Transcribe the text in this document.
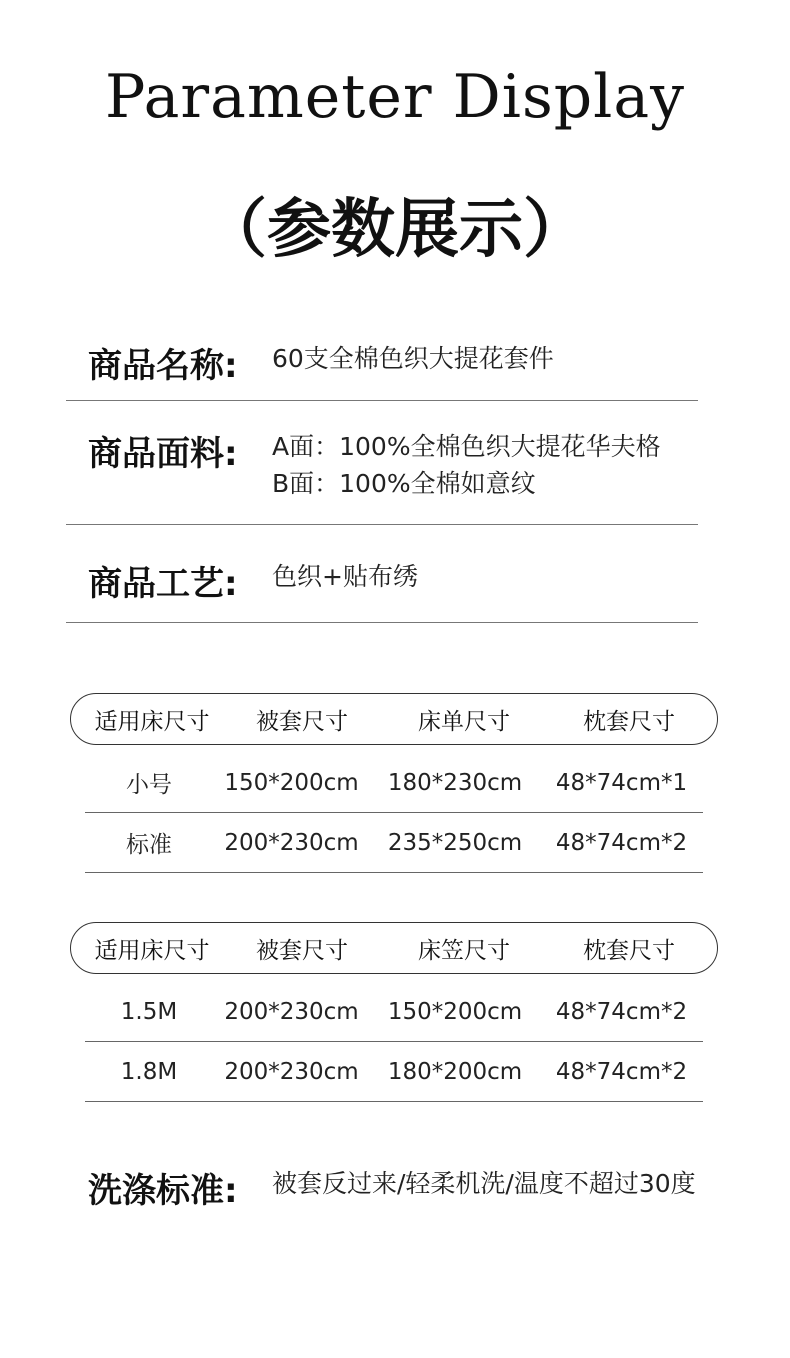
Parameter Display
（参数展示）
商品名称:	60支全棉色织大提花套件
商品面料:	A面：100%全棉色织大提花华夫格
B面：100%全棉如意纹
商品工艺:	色织+贴布绣
适用床尺寸	被套尺寸	床单尺寸	枕套尺寸
小号	150*200cm	180*230cm	48*74cm*1
标准	200*230cm	235*250cm	48*74cm*2
适用床尺寸	被套尺寸	床笠尺寸	枕套尺寸
1.5M	200*230cm	150*200cm	48*74cm*2
1.8M	200*230cm	180*200cm	48*74cm*2
洗涤标准:	被套反过来/轻柔机洗/温度不超过30度
